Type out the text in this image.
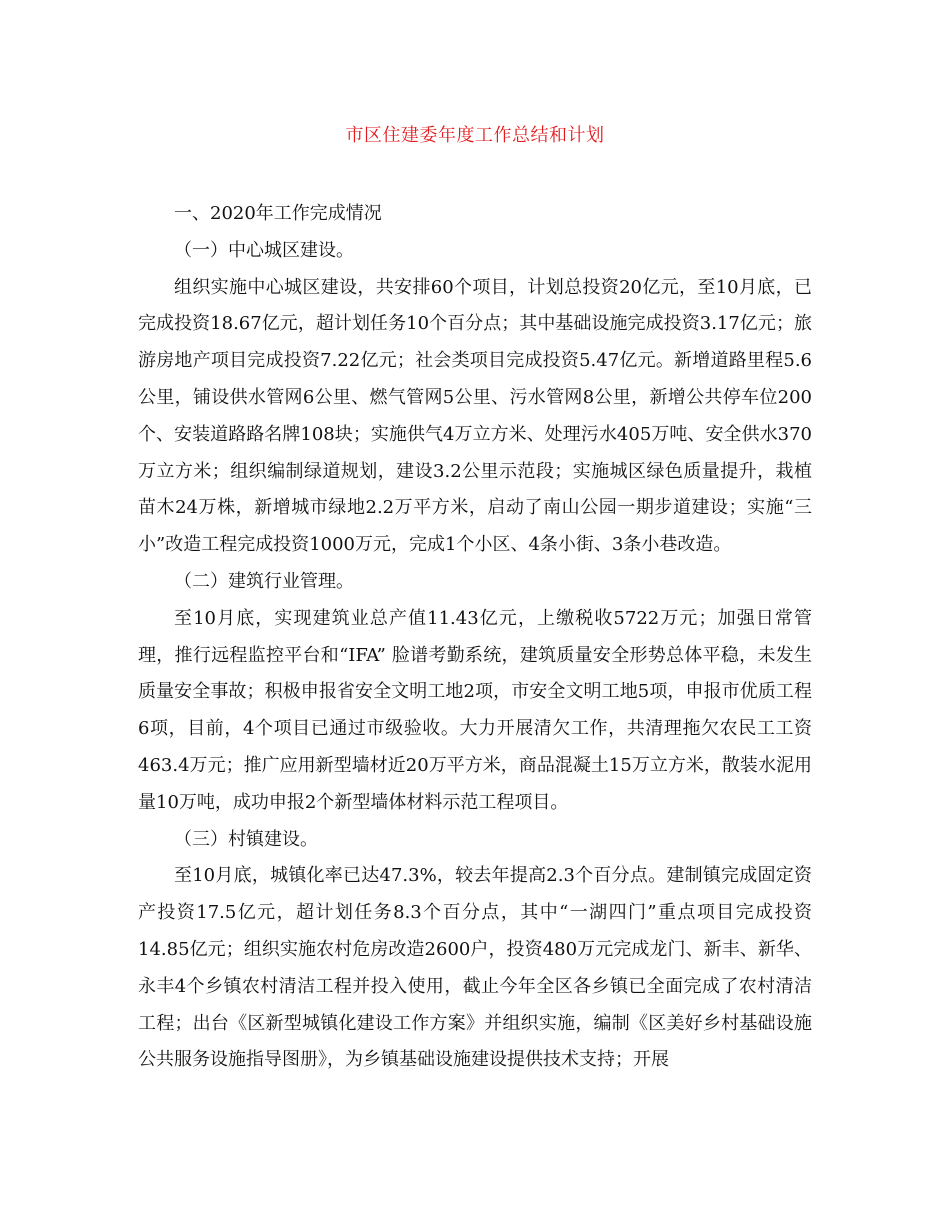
市区住建委年度工作总结和计划

一、2020年工作完成情况

（一）中心城区建设。

组织实施中心城区建设，共安排60个项目，计划总投资20亿元，至10月底，已完成投资18.67亿元，超计划任务10个百分点；其中基础设施完成投资3.17亿元；旅游房地产项目完成投资7.22亿元；社会类项目完成投资5.47亿元。新增道路里程5.6公里，铺设供水管网6公里、燃气管网5公里、污水管网8公里，新增公共停车位200个、安装道路路名牌108块；实施供气4万立方米、处理污水405万吨、安全供水370万立方米；组织编制绿道规划，建设3.2公里示范段；实施城区绿色质量提升，栽植苗木24万株，新增城市绿地2.2万平方米，启动了南山公园一期步道建设；实施“三小”改造工程完成投资1000万元，完成1个小区、4条小街、3条小巷改造。

（二）建筑行业管理。

至10月底，实现建筑业总产值11.43亿元，上缴税收5722万元；加强日常管理，推行远程监控平台和“IFA” 脸谱考勤系统，建筑质量安全形势总体平稳，未发生质量安全事故；积极申报省安全文明工地2项，市安全文明工地5项，申报市优质工程6项，目前，4个项目已通过市级验收。大力开展清欠工作，共清理拖欠农民工工资463.4万元；推广应用新型墙材近20万平方米，商品混凝土15万立方米，散装水泥用量10万吨，成功申报2个新型墙体材料示范工程项目。

（三）村镇建设。

至10月底，城镇化率已达47.3%，较去年提高2.3个百分点。建制镇完成固定资产投资17.5亿元，超计划任务8.3个百分点，其中“一湖四门”重点项目完成投资14.85亿元；组织实施农村危房改造2600户，投资480万元完成龙门、新丰、新华、永丰4个乡镇农村清洁工程并投入使用，截止今年全区各乡镇已全面完成了农村清洁工程；出台《区新型城镇化建设工作方案》并组织实施，编制《区美好乡村基础设施公共服务设施指导图册》，为乡镇基础设施建设提供技术支持；开展
